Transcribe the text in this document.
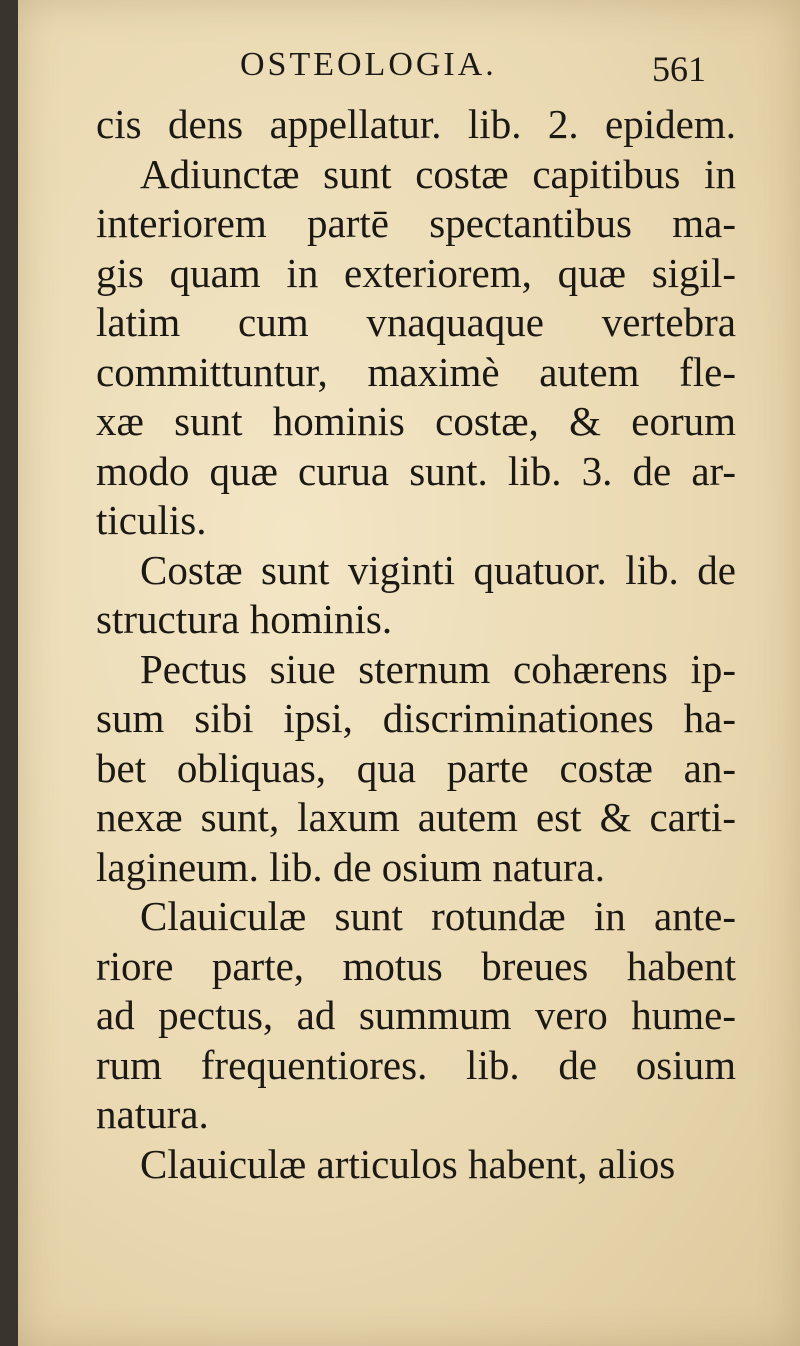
OSTEOLOGIA.	561
cis dens appellatur. lib. 2. epidem.
Adiunctæ sunt costæ capitibus in
interiorem partē spectantibus ma-
gis quam in exteriorem, quæ sigil-
latim cum vnaquaque vertebra
committuntur, maximè autem fle-
xæ sunt hominis costæ, & eorum
modo quæ curua sunt. lib. 3. de ar-
ticulis.
Costæ sunt viginti quatuor. lib. de
structura hominis.
Pectus siue sternum cohærens ip-
sum sibi ipsi, discriminationes ha-
bet obliquas, qua parte costæ an-
nexæ sunt, laxum autem est & carti-
lagineum. lib. de osium natura.
Clauiculæ sunt rotundæ in ante-
riore parte, motus breues habent
ad pectus, ad summum vero hume-
rum frequentiores. lib. de osium
natura.
Clauiculæ articulos habent, alios
